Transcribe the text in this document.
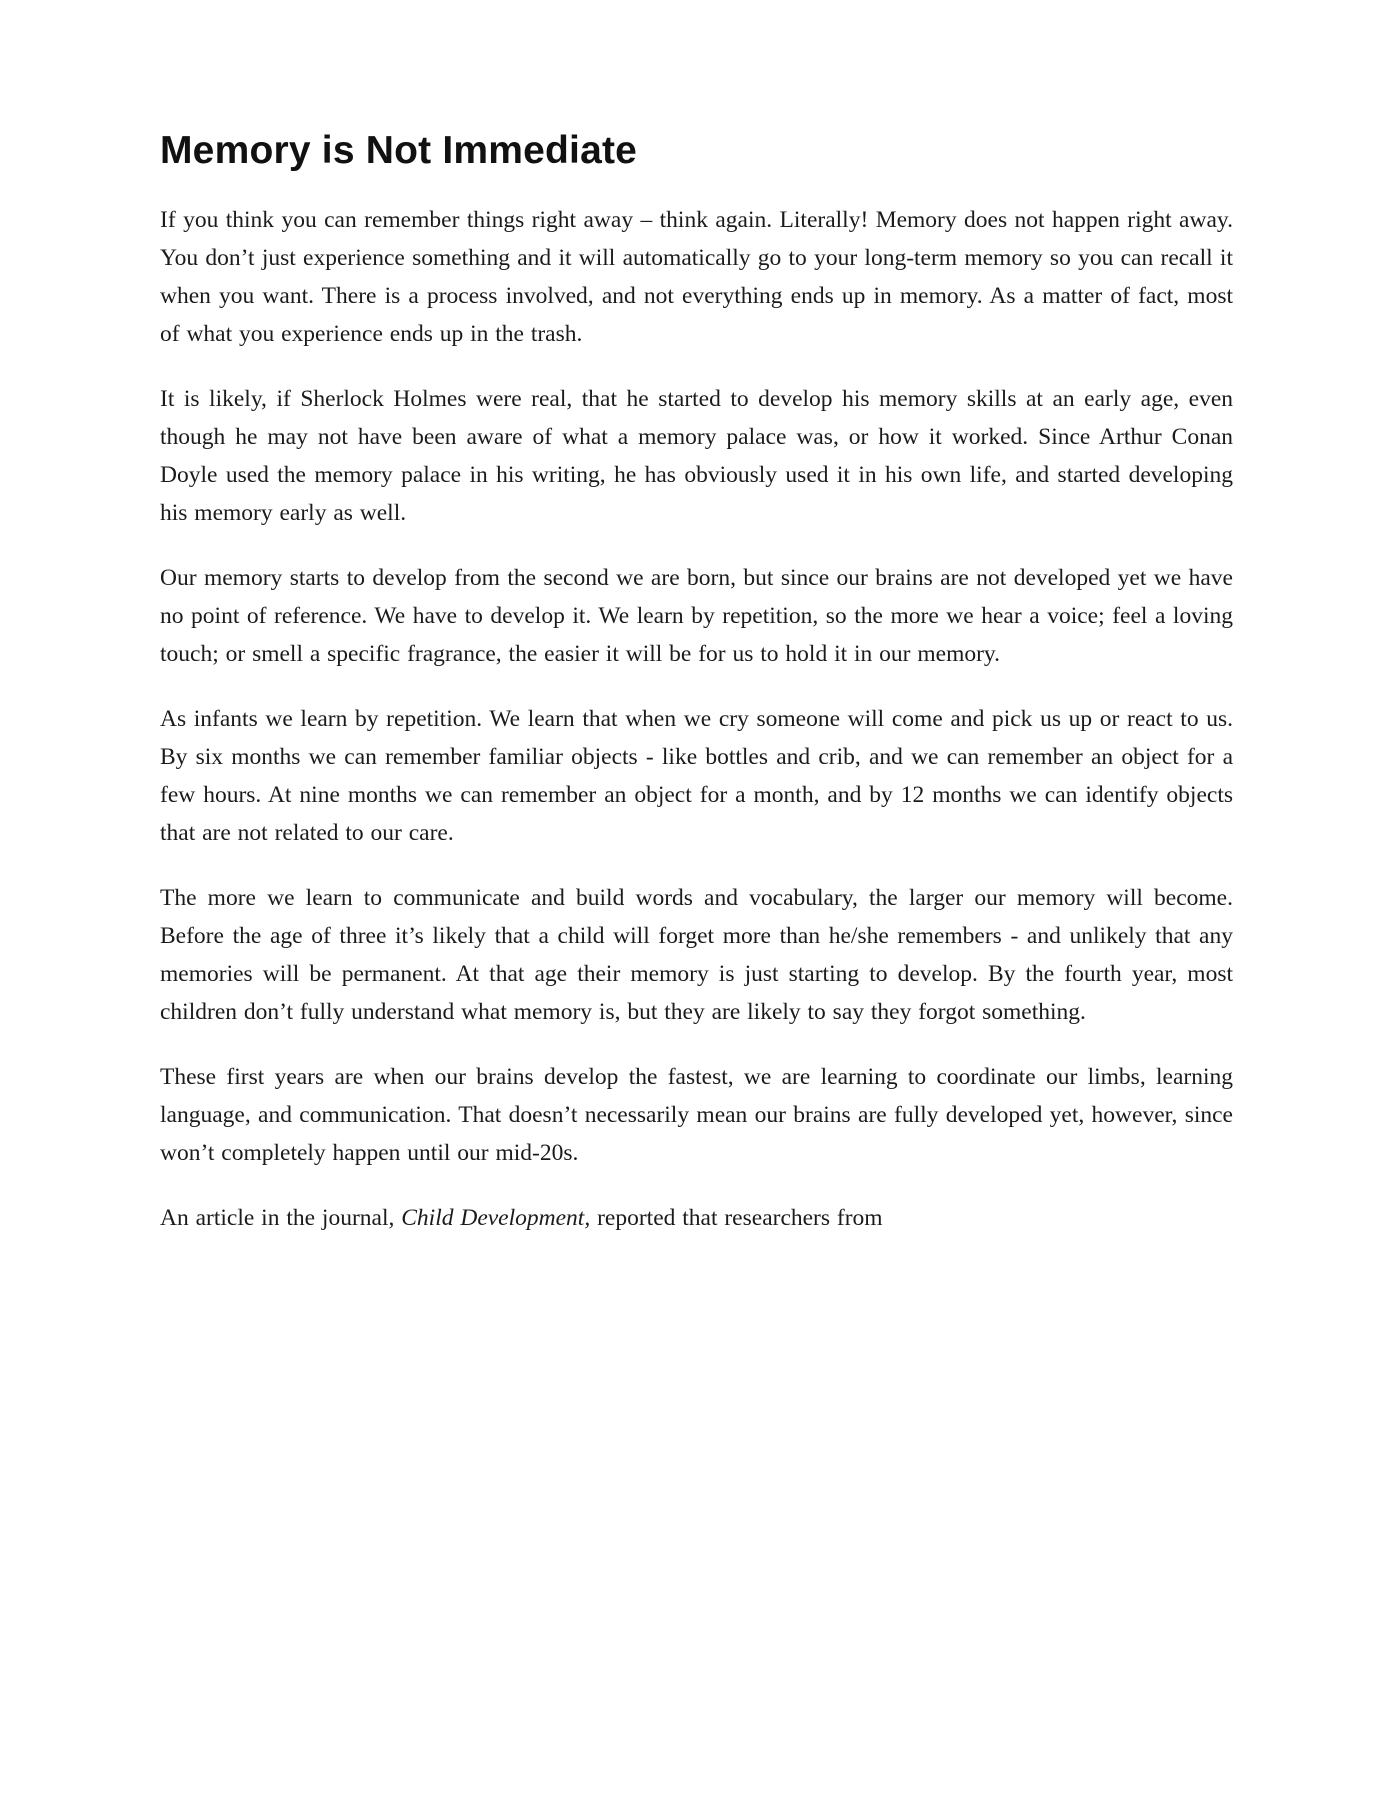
Memory is Not Immediate

If you think you can remember things right away – think again. Literally! Memory does not happen right away. You don’t just experience something and it will automatically go to your long-term memory so you can recall it when you want. There is a process involved, and not everything ends up in memory. As a matter of fact, most of what you experience ends up in the trash.

It is likely, if Sherlock Holmes were real, that he started to develop his memory skills at an early age, even though he may not have been aware of what a memory palace was, or how it worked. Since Arthur Conan Doyle used the memory palace in his writing, he has obviously used it in his own life, and started developing his memory early as well.

Our memory starts to develop from the second we are born, but since our brains are not developed yet we have no point of reference. We have to develop it. We learn by repetition, so the more we hear a voice; feel a loving touch; or smell a specific fragrance, the easier it will be for us to hold it in our memory.

As infants we learn by repetition. We learn that when we cry someone will come and pick us up or react to us. By six months we can remember familiar objects - like bottles and crib, and we can remember an object for a few hours. At nine months we can remember an object for a month, and by 12 months we can identify objects that are not related to our care.

The more we learn to communicate and build words and vocabulary, the larger our memory will become. Before the age of three it’s likely that a child will forget more than he/she remembers - and unlikely that any memories will be permanent. At that age their memory is just starting to develop. By the fourth year, most children don’t fully understand what memory is, but they are likely to say they forgot something.

These first years are when our brains develop the fastest, we are learning to coordinate our limbs, learning language, and communication. That doesn’t necessarily mean our brains are fully developed yet, however, since won’t completely happen until our mid-20s.

An article in the journal, Child Development, reported that researchers from
